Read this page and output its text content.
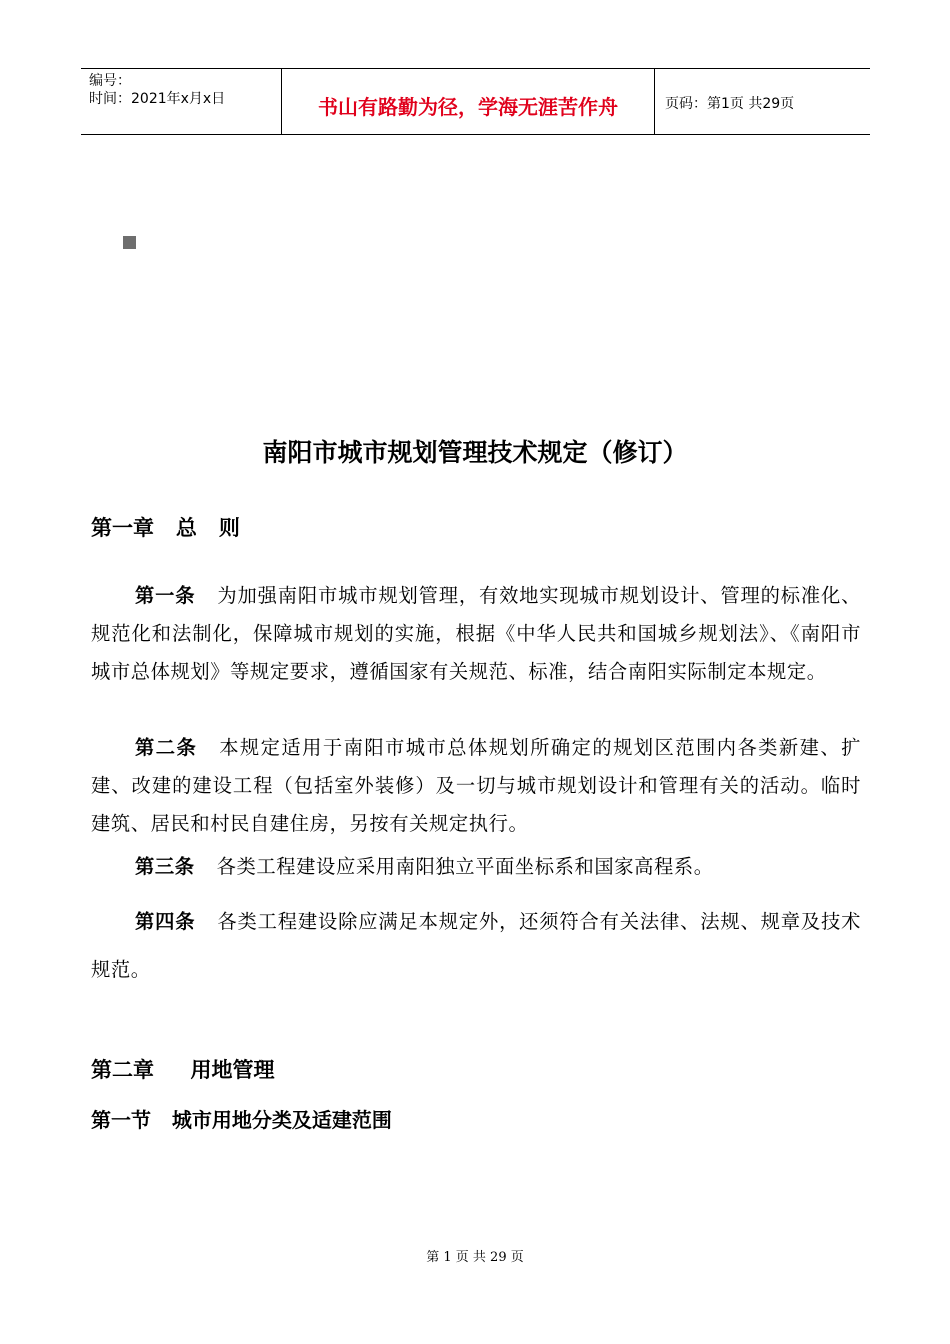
编号：
时间：2021年x月x日	书山有路勤为径，学海无涯苦作舟	页码：第1页 共29页
南阳市城市规划管理技术规定（修订）
第一章   总   则

第一条 为加强南阳市城市规划管理，有效地实现城市规划设计、管理的标准化、规范化和法制化，保障城市规划的实施，根据《中华人民共和国城乡规划法》、《南阳市城市总体规划》等规定要求，遵循国家有关规范、标准，结合南阳实际制定本规定。

第二条 本规定适用于南阳市城市总体规划所确定的规划区范围内各类新建、扩建、改建的建设工程（包括室外装修）及一切与城市规划设计和管理有关的活动。临时建筑、居民和村民自建住房，另按有关规定执行。

第三条 各类工程建设应采用南阳独立平面坐标系和国家高程系。

第四条 各类工程建设除应满足本规定外，还须符合有关法律、法规、规章及技术规范。

第二章     用地管理
第一节   城市用地分类及适建范围
第 1 页 共 29 页
